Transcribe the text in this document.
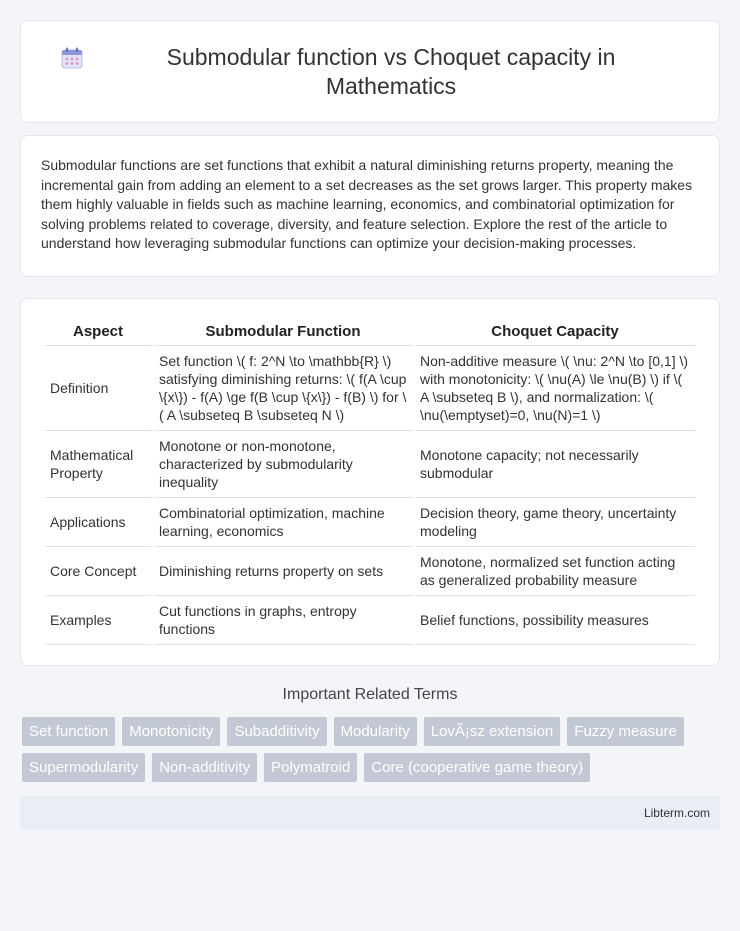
Submodular function vs Choquet capacity in Mathematics

Submodular functions are set functions that exhibit a natural diminishing returns property, meaning the incremental gain from adding an element to a set decreases as the set grows larger. This property makes them highly valuable in fields such as machine learning, economics, and combinatorial optimization for solving problems related to coverage, diversity, and feature selection. Explore the rest of the article to understand how leveraging submodular functions can optimize your decision-making processes.

Aspect	Submodular Function	Choquet Capacity
Definition	Set function \( f: 2^N \to \mathbb{R} \) satisfying diminishing returns: \( f(A \cup \{x\}) - f(A) \ge f(B \cup \{x\}) - f(B) \) for \( A \subseteq B \subseteq N \)	Non-additive measure \( \nu: 2^N \to [0,1] \) with monotonicity: \( \nu(A) \le \nu(B) \) if \( A \subseteq B \), and normalization: \( \nu(\emptyset)=0, \nu(N)=1 \)
Mathematical Property	Monotone or non-monotone, characterized by submodularity inequality	Monotone capacity; not necessarily submodular
Applications	Combinatorial optimization, machine learning, economics	Decision theory, game theory, uncertainty modeling
Core Concept	Diminishing returns property on sets	Monotone, normalized set function acting as generalized probability measure
Examples	Cut functions in graphs, entropy functions	Belief functions, possibility measures
Important Related Terms
Set function	Monotonicity	Subadditivity	Modularity	LovÃ¡sz extension	Fuzzy measure
Supermodularity	Non-additivity	Polymatroid	Core (cooperative game theory)
Libterm.com
